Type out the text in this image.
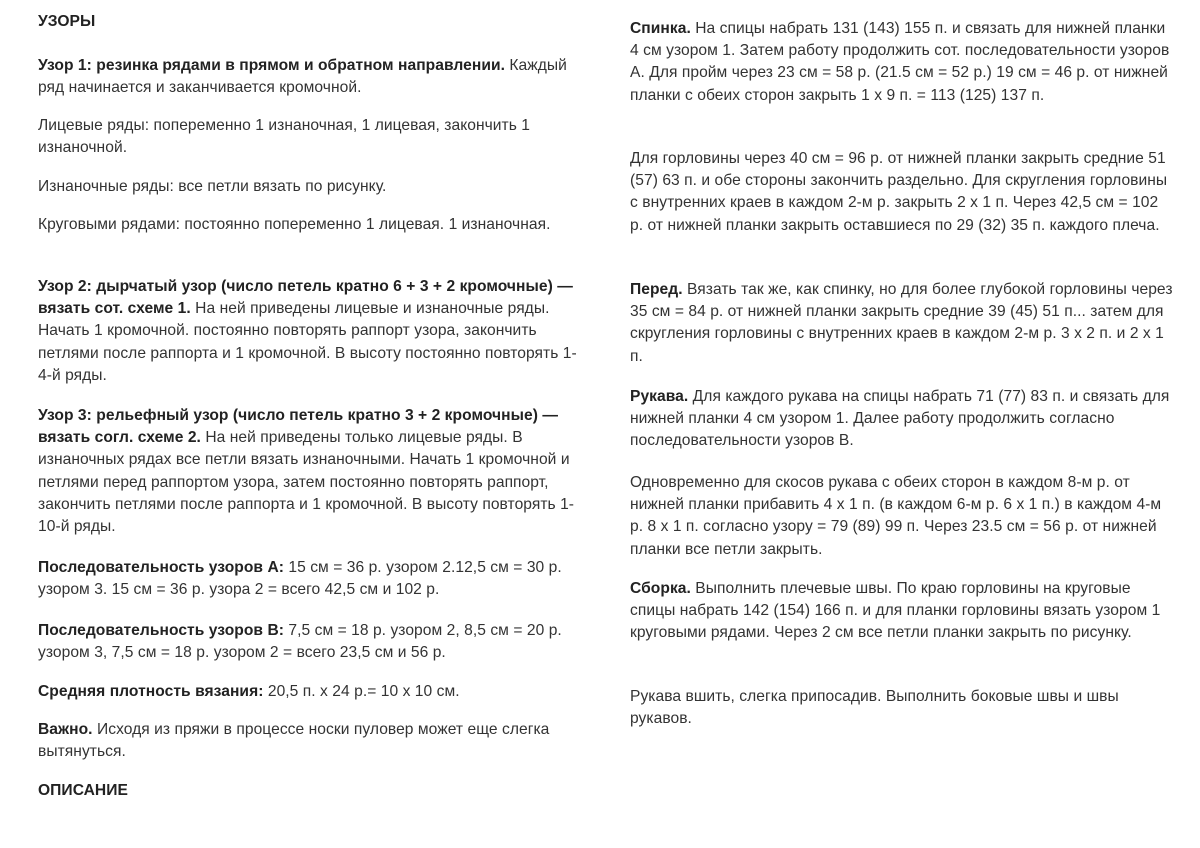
УЗОРЫ

Узор 1: резинка рядами в прямом и обратном направлении. Каждый ряд начинается и заканчивается кромочной.

Лицевые ряды: попеременно 1 изнаночная, 1 лицевая, закончить 1 изнаночной.

Изнаночные ряды: все петли вязать по рисунку.

Круговыми рядами: постоянно попеременно 1 лицевая. 1 изнаночная.

Узор 2: дырчатый узор (число петель кратно 6 + 3 + 2 кромочные) — вязать сот. схеме 1. На ней приведены лицевые и изнаночные ряды. Начать 1 кромочной. постоянно повторять раппорт узора, закончить петлями после раппорта и 1 кромочной. В высоту постоянно повторять 1-4-й ряды.

Узор 3: рельефный узор (число петель кратно 3 + 2 кромочные) — вязать согл. схеме 2. На ней приведены только лицевые ряды. В изнаночных рядах все петли вязать изнаночными. Начать 1 кромочной и петлями перед раппортом узора, затем постоянно повторять раппорт, закончить петлями после раппорта и 1 кромочной. В высоту повторять 1-10-й ряды.

Последовательность узоров А: 15 см = 36 р. узором 2.12,5 см = 30 р. узором 3. 15 см = 36 р. узора 2 = всего 42,5 см и 102 р.

Последовательность узоров В: 7,5 см = 18 р. узором 2, 8,5 см = 20 р. узором 3, 7,5 см = 18 р. узором 2 = всего 23,5 см и 56 р.

Средняя плотность вязания: 20,5 п. х 24 р.= 10 х 10 см.

Важно. Исходя из пряжи в процессе носки пуловер может еще слегка вытянуться.

ОПИСАНИЕ

Спинка. На спицы набрать 131 (143) 155 п. и связать для нижней планки 4 см узором 1. Затем работу продолжить сот. последовательности узоров А. Для пройм через 23 см = 58 р. (21.5 см = 52 р.) 19 см = 46 р. от нижней планки с обеих сторон закрыть 1 х 9 п. = 113 (125) 137 п.

Для горловины через 40 см = 96 р. от нижней планки закрыть средние 51 (57) 63 п. и обе стороны закончить раздельно. Для скругления горловины с внутренних краев в каждом 2-м р. закрыть 2 х 1 п. Через 42,5 см = 102 р. от нижней планки закрыть оставшиеся по 29 (32) 35 п. каждого плеча.

Перед. Вязать так же, как спинку, но для более глубокой горловины через 35 см = 84 р. от нижней планки закрыть средние 39 (45) 51 п... затем для скругления горловины с внутренних краев в каждом 2-м р. 3 х 2 п. и 2 х 1 п.

Рукава. Для каждого рукава на спицы набрать 71 (77) 83 п. и связать для нижней планки 4 см узором 1. Далее работу продолжить согласно последовательности узоров В.

Одновременно для скосов рукава с обеих сторон в каждом 8-м р. от нижней планки прибавить 4 х 1 п. (в каждом 6-м р. 6 х 1 п.) в каждом 4-м р. 8 х 1 п. согласно узору = 79 (89) 99 п. Через 23.5 см = 56 р. от нижней планки все петли закрыть.

Сборка. Выполнить плечевые швы. По краю горловины на круговые спицы набрать 142 (154) 166 п. и для планки горловины вязать узором 1 круговыми рядами. Через 2 см все петли планки закрыть по рисунку.

Рукава вшить, слегка припосадив. Выполнить боковые швы и швы рукавов.
